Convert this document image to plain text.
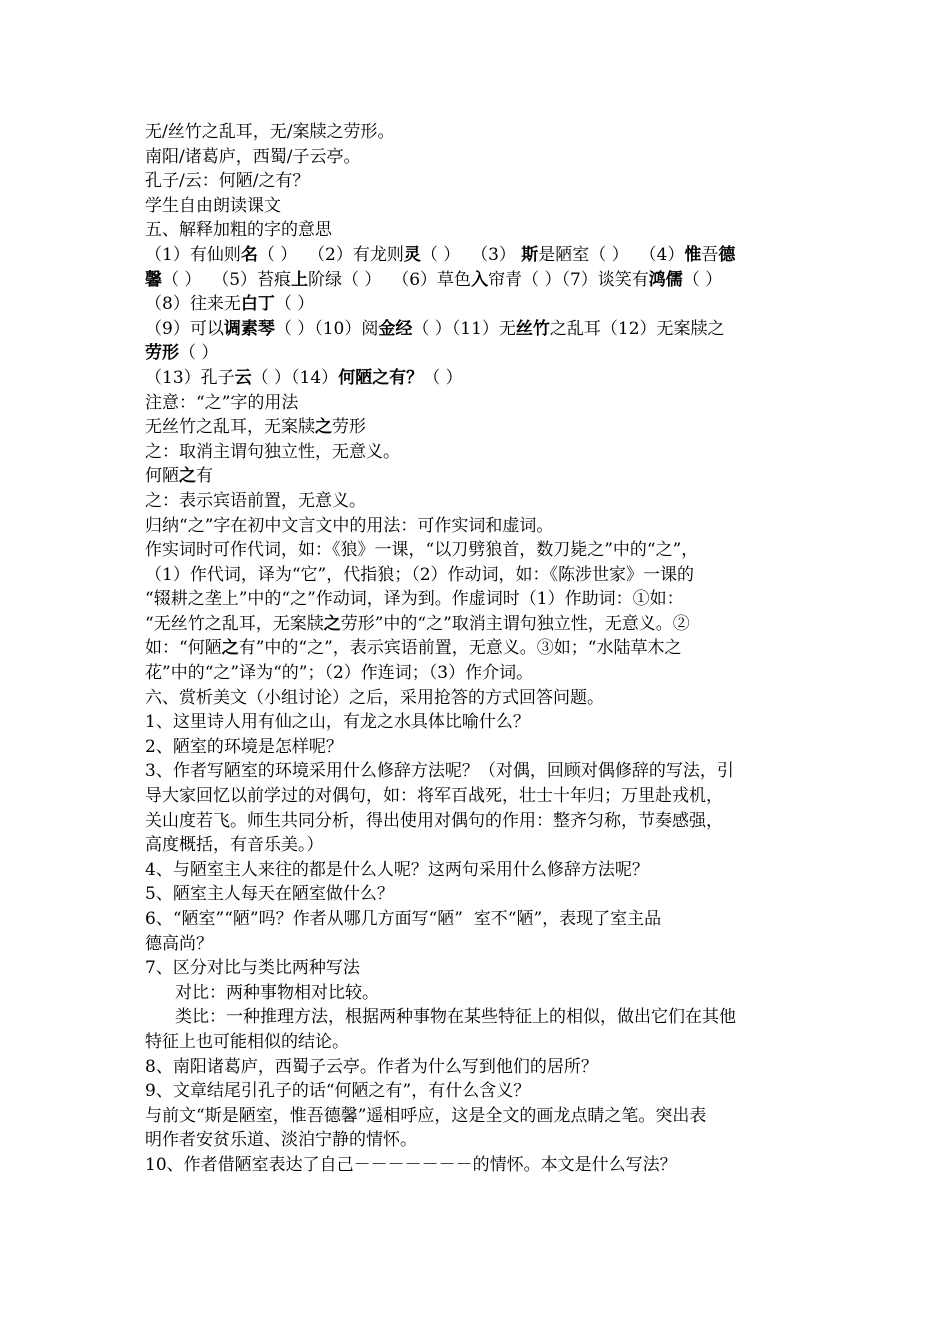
无/丝竹之乱耳，无/案牍之劳形。
南阳/诸葛庐，西蜀/子云亭。
孔子/云：何陋/之有？
学生自由朗读课文
五、解释加粗的字的意思
（1）有仙则名（ ）  （2）有龙则灵（ ）  （3） 斯是陋室（ ）  （4）惟吾德
馨（ ）  （5）苔痕上阶绿（ ）  （6）草色入帘青（ ）（7）谈笑有鸿儒（ ）
（8）往来无白丁（ ）
（9）可以调素琴（ ）（10）阅金经（ ）（11）无丝竹之乱耳（12）无案牍之
劳形（ ）
（13）孔子云（ ）（14）何陋之有？（ ）
注意：“之”字的用法
无丝竹之乱耳，无案牍之劳形
之：取消主谓句独立性，无意义。
何陋之有
之：表示宾语前置，无意义。
归纳“之”字在初中文言文中的用法：可作实词和虚词。
作实词时可作代词，如：《狼》一课，“以刀劈狼首，数刀毙之”中的“之”，
（1）作代词，译为“它”，代指狼；（2）作动词，如：《陈涉世家》一课的
“辍耕之垄上”中的“之”作动词，译为到。作虚词时（1）作助词：①如：
“无丝竹之乱耳，无案牍之劳形”中的“之”取消主谓句独立性，无意义。②
如：“何陋之有”中的“之”，表示宾语前置，无意义。③如；“水陆草木之
花”中的“之”译为“的”；（2）作连词；（3）作介词。
六、赏析美文（小组讨论）之后，采用抢答的方式回答问题。
1、这里诗人用有仙之山，有龙之水具体比喻什么？
2、陋室的环境是怎样呢？
3、作者写陋室的环境采用什么修辞方法呢？（对偶，回顾对偶修辞的写法，引
导大家回忆以前学过的对偶句，如：将军百战死，壮士十年归；万里赴戎机，
关山度若飞。师生共同分析，得出使用对偶句的作用：整齐匀称，节奏感强，
高度概括，有音乐美。）
4、与陋室主人来往的都是什么人呢？这两句采用什么修辞方法呢？
5、陋室主人每天在陋室做什么？
6、“陋室”“陋”吗？作者从哪几方面写“陋”  室不“陋”，表现了室主品
德高尚？
7、区分对比与类比两种写法
对比：两种事物相对比较。
类比：一种推理方法，根据两种事物在某些特征上的相似，做出它们在其他
特征上也可能相似的结论。
8、南阳诸葛庐，西蜀子云亭。作者为什么写到他们的居所？
9、文章结尾引孔子的话“何陋之有”，有什么含义？
与前文“斯是陋室，惟吾德馨”遥相呼应，这是全文的画龙点睛之笔。突出表
明作者安贫乐道、淡泊宁静的情怀。
10、作者借陋室表达了自己－－－－－－－的情怀。本文是什么写法？
